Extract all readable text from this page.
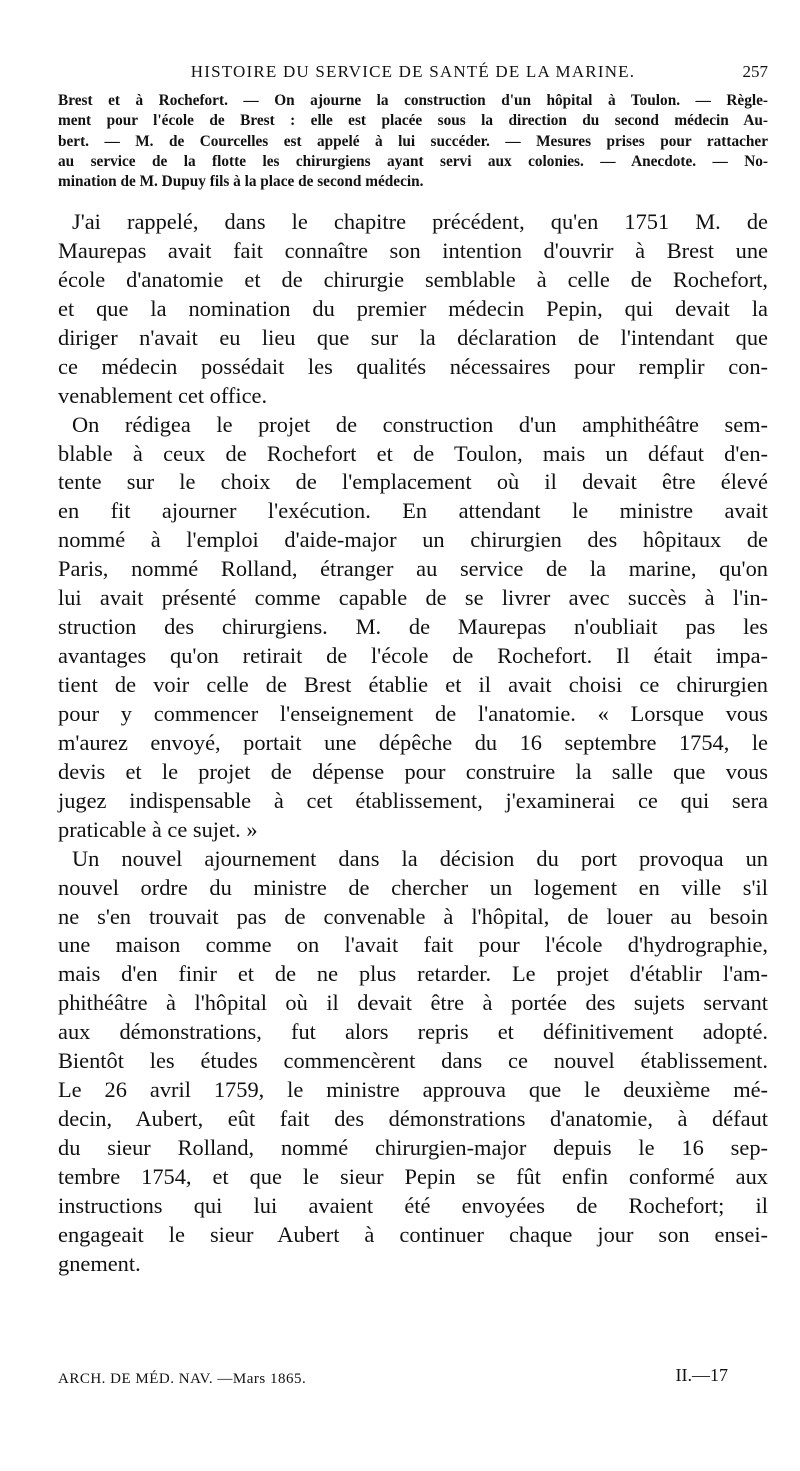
HISTOIRE DU SERVICE DE SANTÉ DE LA MARINE.	257
Brest et à Rochefort. — On ajourne la construction d'un hôpital à Toulon. — Règle-
ment pour l'école de Brest : elle est placée sous la direction du second médecin Au-
bert. — M. de Courcelles est appelé à lui succéder. — Mesures prises pour rattacher
au service de la flotte les chirurgiens ayant servi aux colonies. — Anecdote. — No-
mination de M. Dupuy fils à la place de second médecin.
J'ai rappelé, dans le chapitre précédent, qu'en 1751 M. de
Maurepas avait fait connaître son intention d'ouvrir à Brest une
école d'anatomie et de chirurgie semblable à celle de Rochefort,
et que la nomination du premier médecin Pepin, qui devait la
diriger n'avait eu lieu que sur la déclaration de l'intendant que
ce médecin possédait les qualités nécessaires pour remplir con-
venablement cet office.
On rédigea le projet de construction d'un amphithéâtre sem-
blable à ceux de Rochefort et de Toulon, mais un défaut d'en-
tente sur le choix de l'emplacement où il devait être élevé
en fit ajourner l'exécution. En attendant le ministre avait
nommé à l'emploi d'aide-major un chirurgien des hôpitaux de
Paris, nommé Rolland, étranger au service de la marine, qu'on
lui avait présenté comme capable de se livrer avec succès à l'in-
struction des chirurgiens. M. de Maurepas n'oubliait pas les
avantages qu'on retirait de l'école de Rochefort. Il était impa-
tient de voir celle de Brest établie et il avait choisi ce chirurgien
pour y commencer l'enseignement de l'anatomie. « Lorsque vous
m'aurez envoyé, portait une dépêche du 16 septembre 1754, le
devis et le projet de dépense pour construire la salle que vous
jugez indispensable à cet établissement, j'examinerai ce qui sera
praticable à ce sujet. »
Un nouvel ajournement dans la décision du port provoqua un
nouvel ordre du ministre de chercher un logement en ville s'il
ne s'en trouvait pas de convenable à l'hôpital, de louer au besoin
une maison comme on l'avait fait pour l'école d'hydrographie,
mais d'en finir et de ne plus retarder. Le projet d'établir l'am-
phithéâtre à l'hôpital où il devait être à portée des sujets servant
aux démonstrations, fut alors repris et définitivement adopté.
Bientôt les études commencèrent dans ce nouvel établissement.
Le 26 avril 1759, le ministre approuva que le deuxième mé-
decin, Aubert, eût fait des démonstrations d'anatomie, à défaut
du sieur Rolland, nommé chirurgien-major depuis le 16 sep-
tembre 1754, et que le sieur Pepin se fût enfin conformé aux
instructions qui lui avaient été envoyées de Rochefort; il
engageait le sieur Aubert à continuer chaque jour son ensei-
gnement.
ARCH. DE MÉD. NAV. —Mars 1865.	II.—17
